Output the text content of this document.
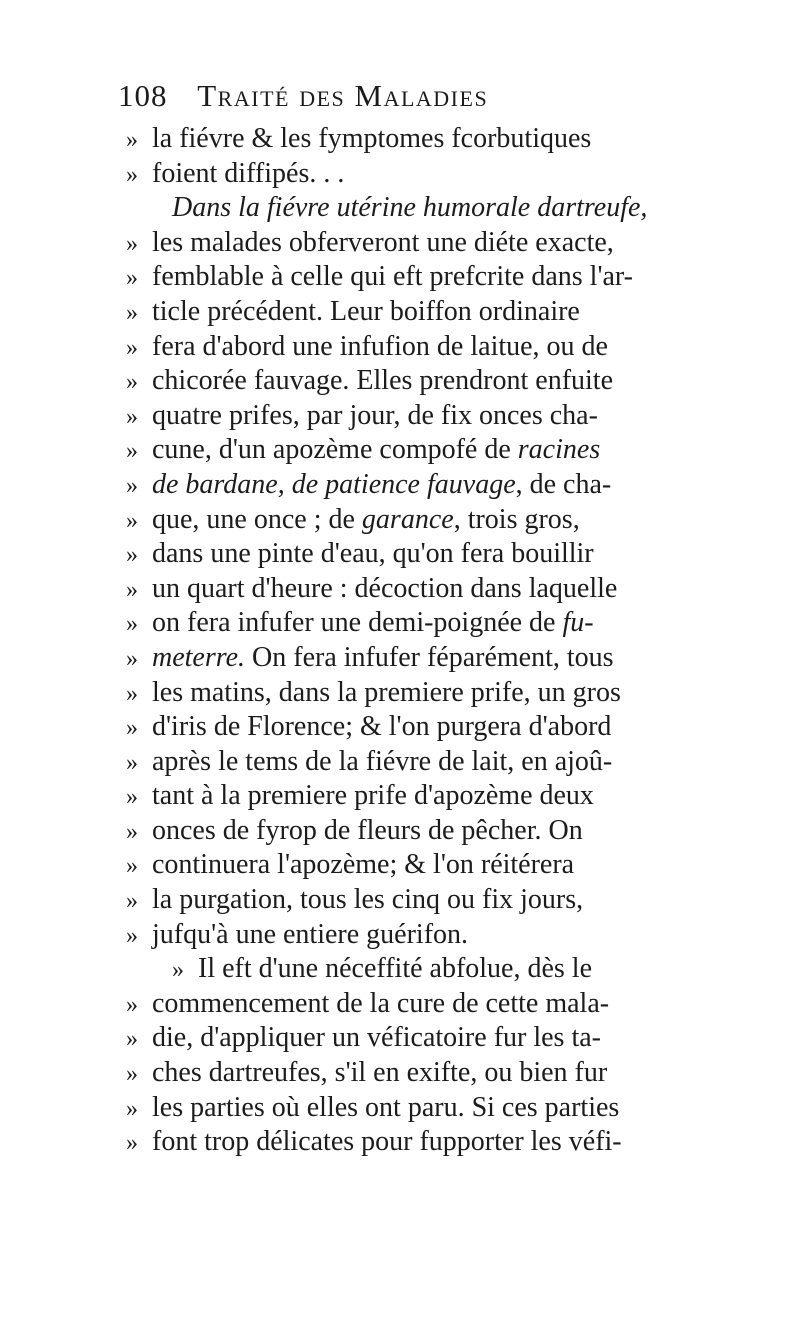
108 Traité des Maladies
» la fiévre & les fymptomes fcorbutiques
» foient diffipés. . .
Dans la fiévre utérine humorale dartreufe,
» les malades obferveront une diéte exacte,
» femblable à celle qui eft prefcrite dans l'ar-
» ticle précédent. Leur boiffon ordinaire
» fera d'abord une infufion de laitue, ou de
» chicorée fauvage. Elles prendront enfuite
» quatre prifes, par jour, de fix onces cha-
» cune, d'un apozème compofé de racines
» de bardane, de patience fauvage, de cha-
» que, une once ; de garance, trois gros,
» dans une pinte d'eau, qu'on fera bouillir
» un quart d'heure : décoction dans laquelle
» on fera infufer une demi-poignée de fu-
» meterre. On fera infufer féparément, tous
» les matins, dans la premiere prife, un gros
» d'iris de Florence; & l'on purgera d'abord
» après le tems de la fiévre de lait, en ajoû-
» tant à la premiere prife d'apozème deux
» onces de fyrop de fleurs de pêcher. On
» continuera l'apozème; & l'on réitérera
» la purgation, tous les cinq ou fix jours,
» jufqu'à une entiere guérifon.
» Il eft d'une néceffité abfolue, dès le
» commencement de la cure de cette mala-
» die, d'appliquer un véficatoire fur les ta-
» ches dartreufes, s'il en exifte, ou bien fur
» les parties où elles ont paru. Si ces parties
» font trop délicates pour fupporter les véfi-
